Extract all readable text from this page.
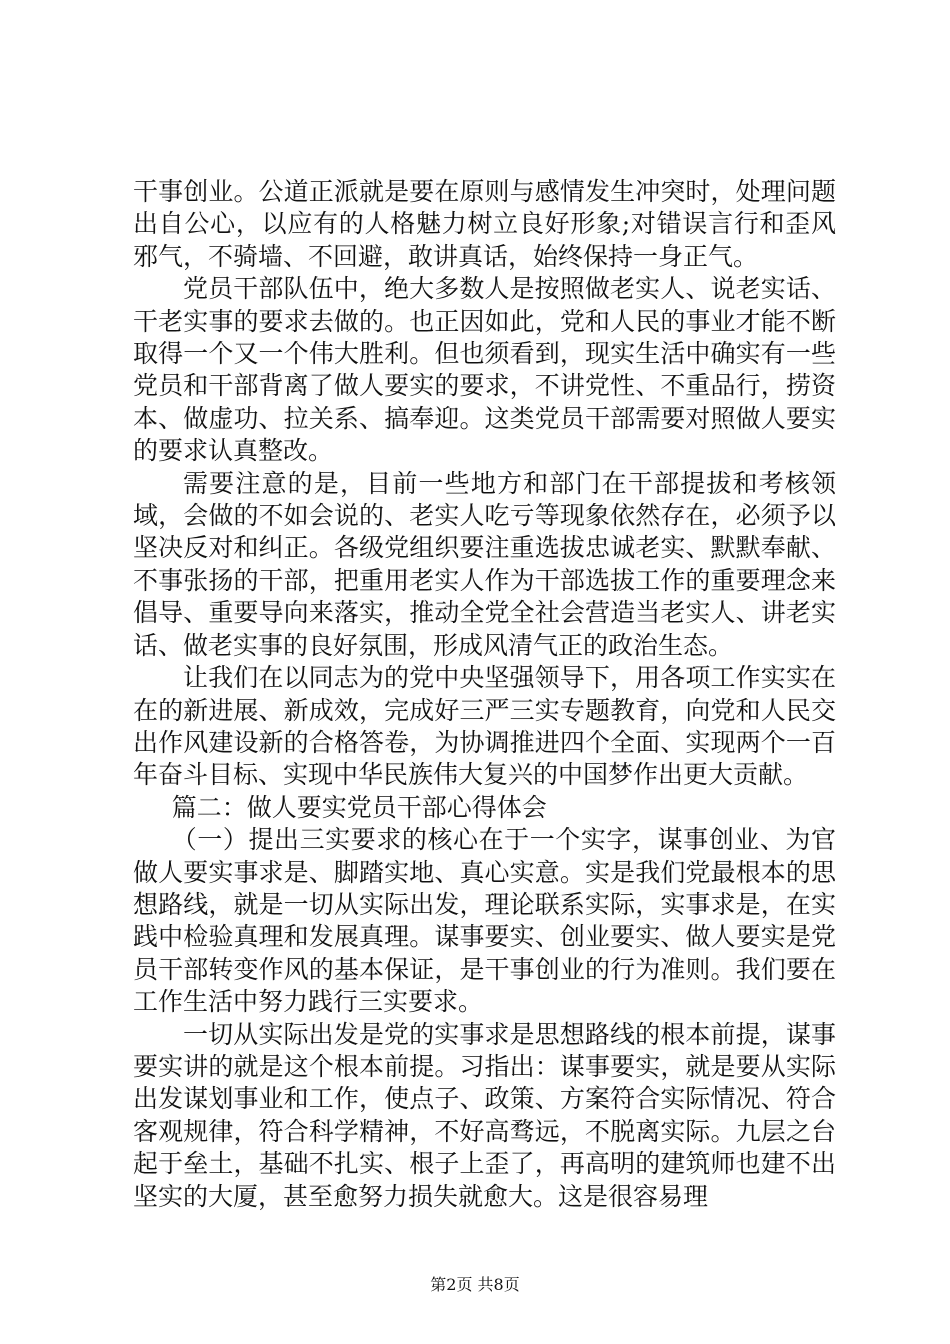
干事创业。公道正派就是要在原则与感情发生冲突时，处理问题出自公心，以应有的人格魅力树立良好形象;对错误言行和歪风邪气，不骑墙、不回避，敢讲真话，始终保持一身正气。

党员干部队伍中，绝大多数人是按照做老实人、说老实话、干老实事的要求去做的。也正因如此，党和人民的事业才能不断取得一个又一个伟大胜利。但也须看到，现实生活中确实有一些党员和干部背离了做人要实的要求，不讲党性、不重品行，捞资本、做虚功、拉关系、搞奉迎。这类党员干部需要对照做人要实的要求认真整改。

需要注意的是，目前一些地方和部门在干部提拔和考核领域，会做的不如会说的、老实人吃亏等现象依然存在，必须予以坚决反对和纠正。各级党组织要注重选拔忠诚老实、默默奉献、不事张扬的干部，把重用老实人作为干部选拔工作的重要理念来倡导、重要导向来落实，推动全党全社会营造当老实人、讲老实话、做老实事的良好氛围，形成风清气正的政治生态。

让我们在以同志为的党中央坚强领导下，用各项工作实实在在的新进展、新成效，完成好三严三实专题教育，向党和人民交出作风建设新的合格答卷，为协调推进四个全面、实现两个一百年奋斗目标、实现中华民族伟大复兴的中国梦作出更大贡献。

篇二：做人要实党员干部心得体会

（一）提出三实要求的核心在于一个实字，谋事创业、为官做人要实事求是、脚踏实地、真心实意。实是我们党最根本的思想路线，就是一切从实际出发，理论联系实际，实事求是，在实践中检验真理和发展真理。谋事要实、创业要实、做人要实是党员干部转变作风的基本保证，是干事创业的行为准则。我们要在工作生活中努力践行三实要求。

一切从实际出发是党的实事求是思想路线的根本前提，谋事要实讲的就是这个根本前提。习指出：谋事要实，就是要从实际出发谋划事业和工作，使点子、政策、方案符合实际情况、符合客观规律，符合科学精神，不好高骛远，不脱离实际。九层之台起于垒土，基础不扎实、根子上歪了，再高明的建筑师也建不出坚实的大厦，甚至愈努力损失就愈大。这是很容易理

第2页 共8页
